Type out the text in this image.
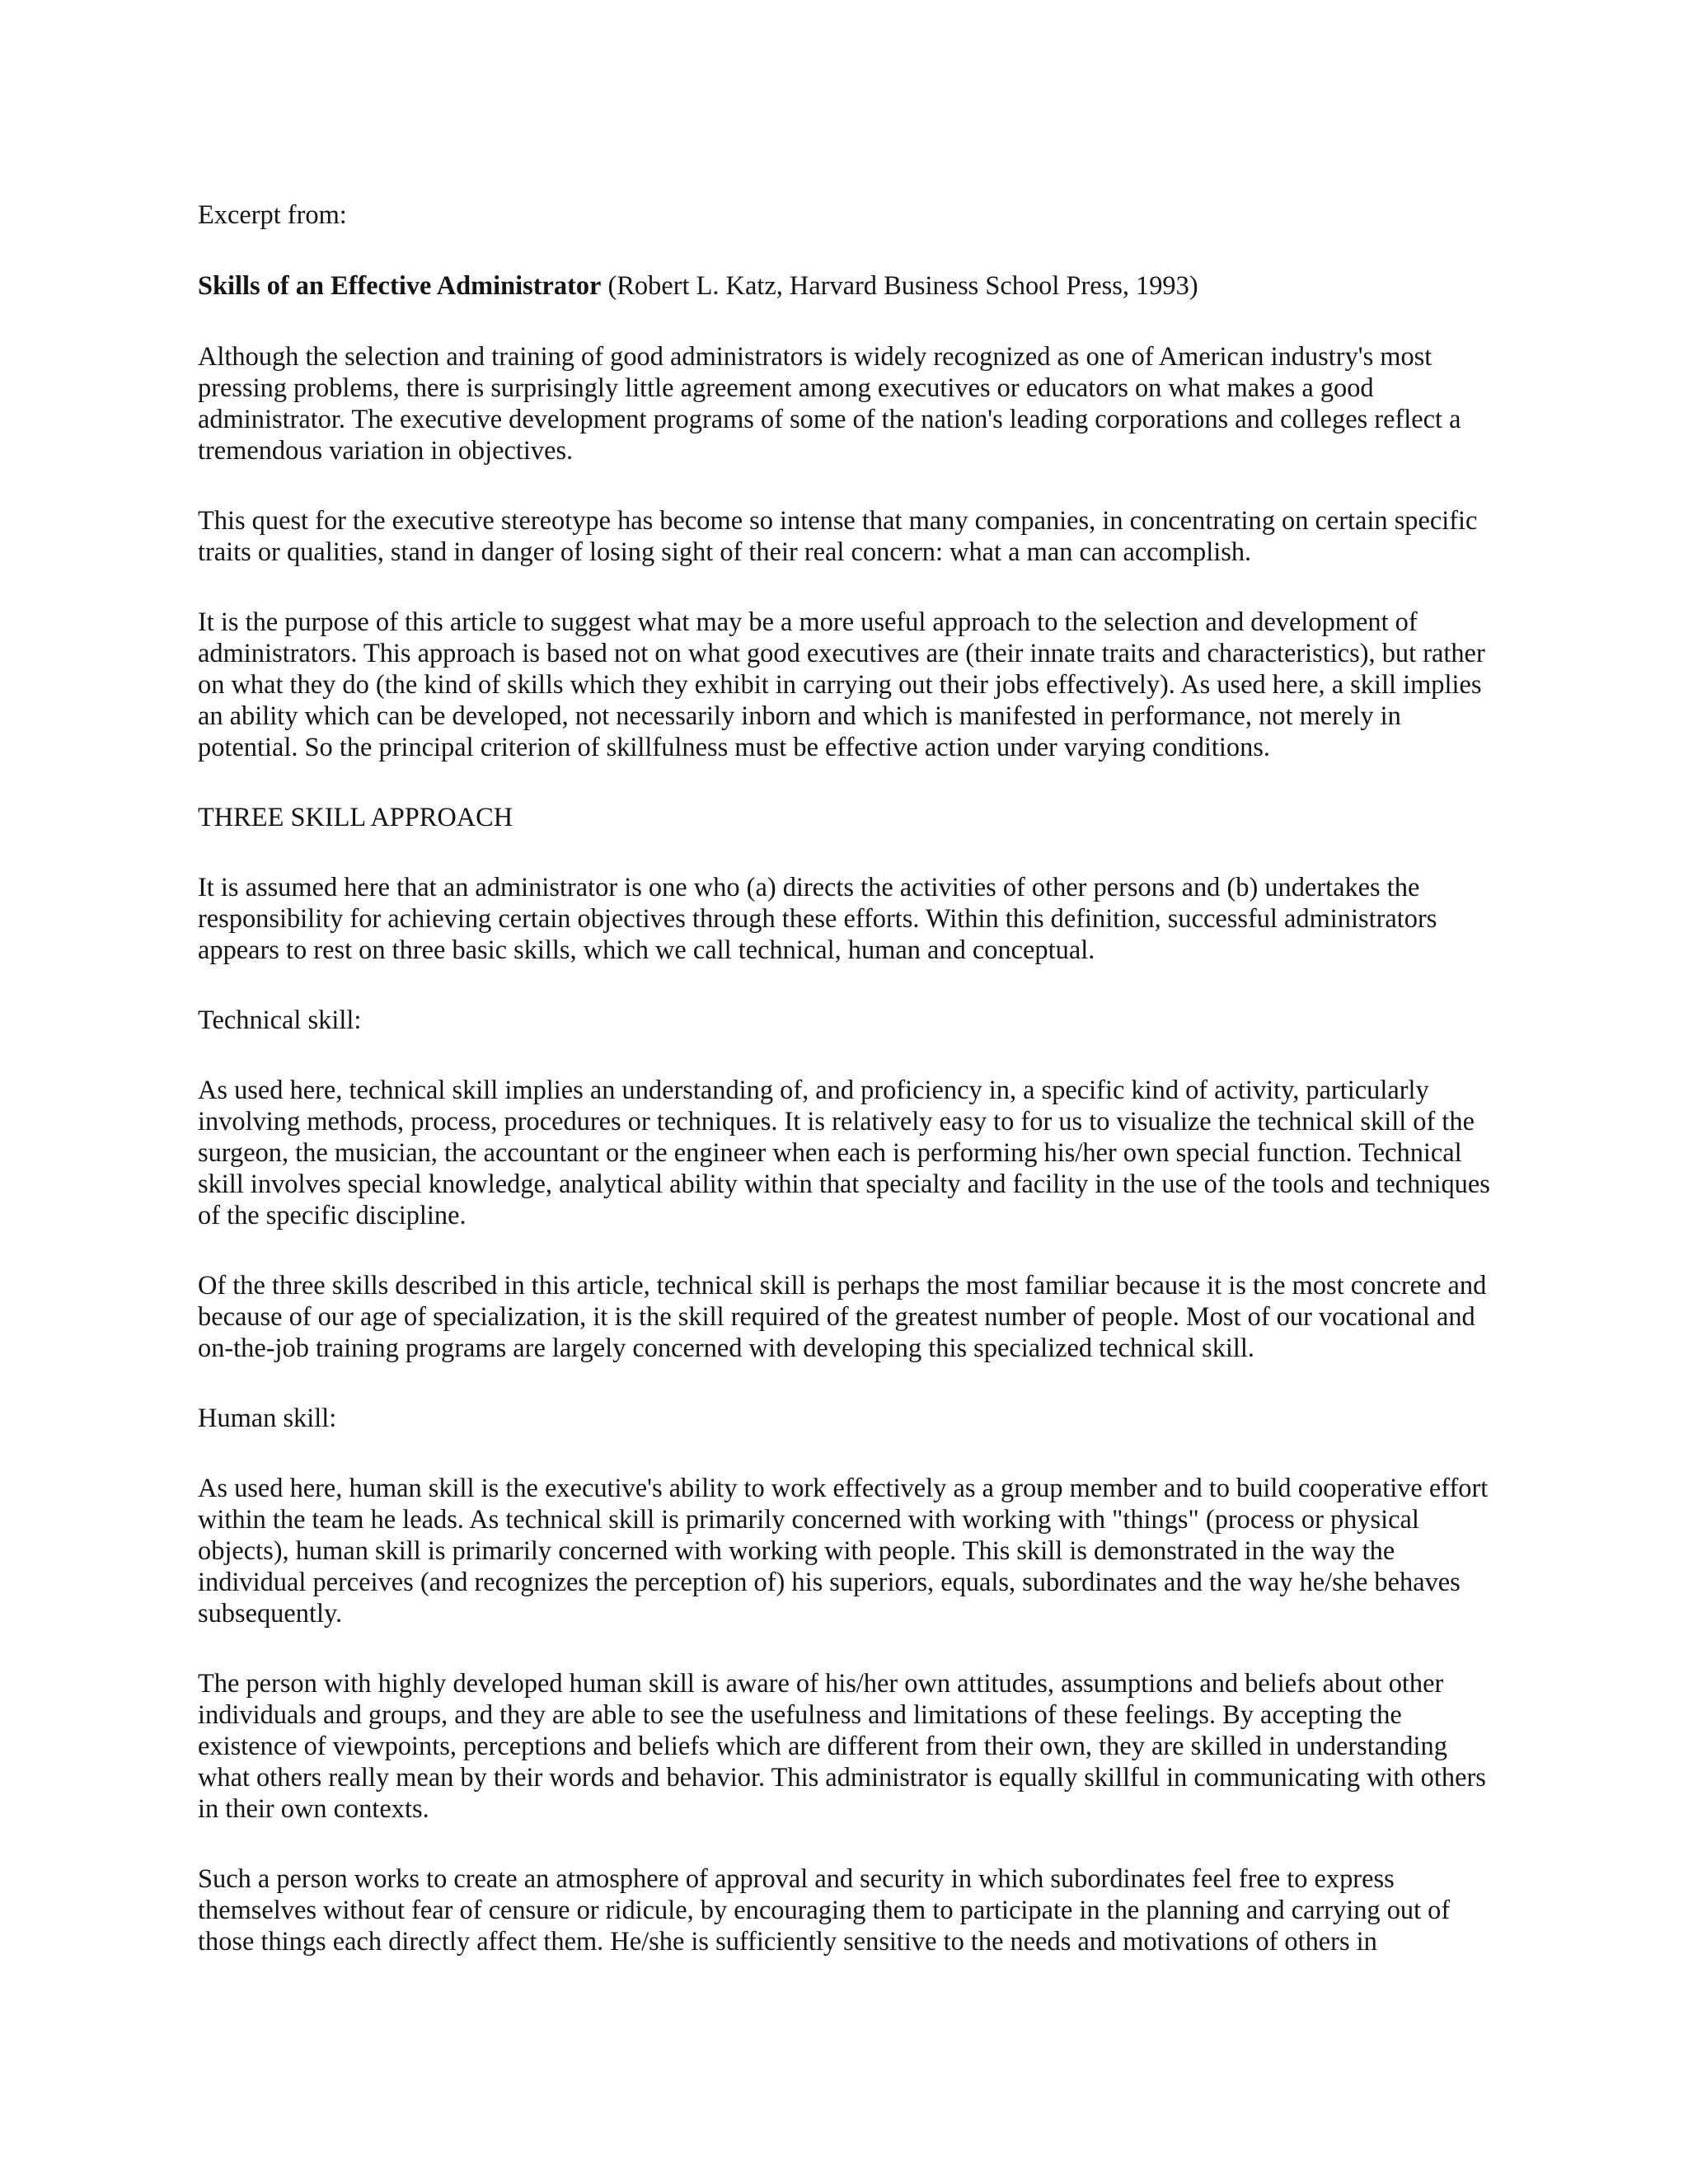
Excerpt from:

Skills of an Effective Administrator (Robert L. Katz, Harvard Business School Press, 1993)

Although the selection and training of good administrators is widely recognized as one of American industry's most pressing problems, there is surprisingly little agreement among executives or educators on what makes a good administrator. The executive development programs of some of the nation's leading corporations and colleges reflect a tremendous variation in objectives.

This quest for the executive stereotype has become so intense that many companies, in concentrating on certain specific traits or qualities, stand in danger of losing sight of their real concern: what a man can accomplish.

It is the purpose of this article to suggest what may be a more useful approach to the selection and development of administrators. This approach is based not on what good executives are (their innate traits and characteristics), but rather on what they do (the kind of skills which they exhibit in carrying out their jobs effectively). As used here, a skill implies an ability which can be developed, not necessarily inborn and which is manifested in performance, not merely in potential. So the principal criterion of skillfulness must be effective action under varying conditions.

THREE SKILL APPROACH

It is assumed here that an administrator is one who (a) directs the activities of other persons and (b) undertakes the responsibility for achieving certain objectives through these efforts. Within this definition, successful administrators appears to rest on three basic skills, which we call technical, human and conceptual.

Technical skill:

As used here, technical skill implies an understanding of, and proficiency in, a specific kind of activity, particularly involving methods, process, procedures or techniques. It is relatively easy to for us to visualize the technical skill of the surgeon, the musician, the accountant or the engineer when each is performing his/her own special function. Technical skill involves special knowledge, analytical ability within that specialty and facility in the use of the tools and techniques of the specific discipline.

Of the three skills described in this article, technical skill is perhaps the most familiar because it is the most concrete and because of our age of specialization, it is the skill required of the greatest number of people. Most of our vocational and on-the-job training programs are largely concerned with developing this specialized technical skill.

Human skill:

As used here, human skill is the executive's ability to work effectively as a group member and to build cooperative effort within the team he leads. As technical skill is primarily concerned with working with "things" (process or physical objects), human skill is primarily concerned with working with people. This skill is demonstrated in the way the individual perceives (and recognizes the perception of) his superiors, equals, subordinates and the way he/she behaves subsequently.

The person with highly developed human skill is aware of his/her own attitudes, assumptions and beliefs about other individuals and groups, and they are able to see the usefulness and limitations of these feelings. By accepting the existence of viewpoints, perceptions and beliefs which are different from their own, they are skilled in understanding what others really mean by their words and behavior. This administrator is equally skillful in communicating with others in their own contexts.

Such a person works to create an atmosphere of approval and security in which subordinates feel free to express themselves without fear of censure or ridicule, by encouraging them to participate in the planning and carrying out of those things each directly affect them. He/she is sufficiently sensitive to the needs and motivations of others in
